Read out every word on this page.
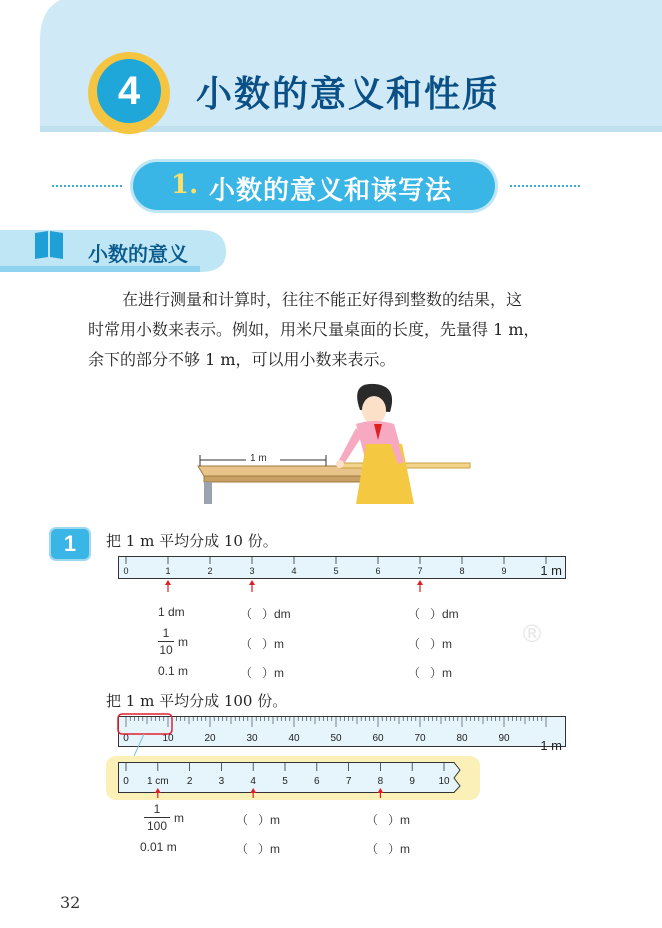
4	小数的意义和性质
1. 小数的意义和读写法
小数的意义
在进行测量和计算时，往往不能正好得到整数的结果，这
时常用小数来表示。例如，用米尺量桌面的长度，先量得 1 m，
余下的部分不够 1 m，可以用小数来表示。
1 m
1	把 1 m 平均分成 10 份。
0	1	2	3	4	5	6	7	8	9	1 m
1 dm	（   ）dm	（   ）dm
1
10
m	（   ）m	（   ）m
0.1 m	（   ）m	（   ）m
®
把 1 m 平均分成 100 份。
0	10	20	30	40	50	60	70	80	90 1 m
0 1 cm 2	3	4	5	6	7	8	9 10
1
100
m	（   ）m	（   ）m
0.01 m	（   ）m	（   ）m
32
